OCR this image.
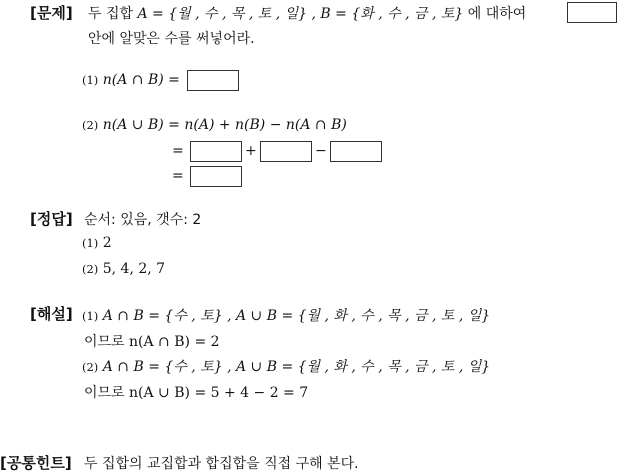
[문제] 두 집합 A = {월 , 수 , 목 , 토 , 일} , B = {화 , 수 , 금 , 토} 에 대하여
안에 알맞은 수를 써넣어라.
(1) n(A ∩ B) =
(2) n(A ∪ B) = n(A) + n(B) − n(A ∩ B)
=	+	−
=
[정답] 순서: 있음, 갯수: 2
(1) 2
(2) 5, 4, 2, 7
[해설] (1) A ∩ B = {수 , 토} , A ∪ B = {월 , 화 , 수 , 목 , 금 , 토 , 일}
이므로 n(A ∩ B) = 2
(2) A ∩ B = {수 , 토} , A ∪ B = {월 , 화 , 수 , 목 , 금 , 토 , 일}
이므로 n(A ∪ B) = 5 + 4 − 2 = 7
[공통힌트] 두 집합의 교집합과 합집합을 직접 구해 본다.
